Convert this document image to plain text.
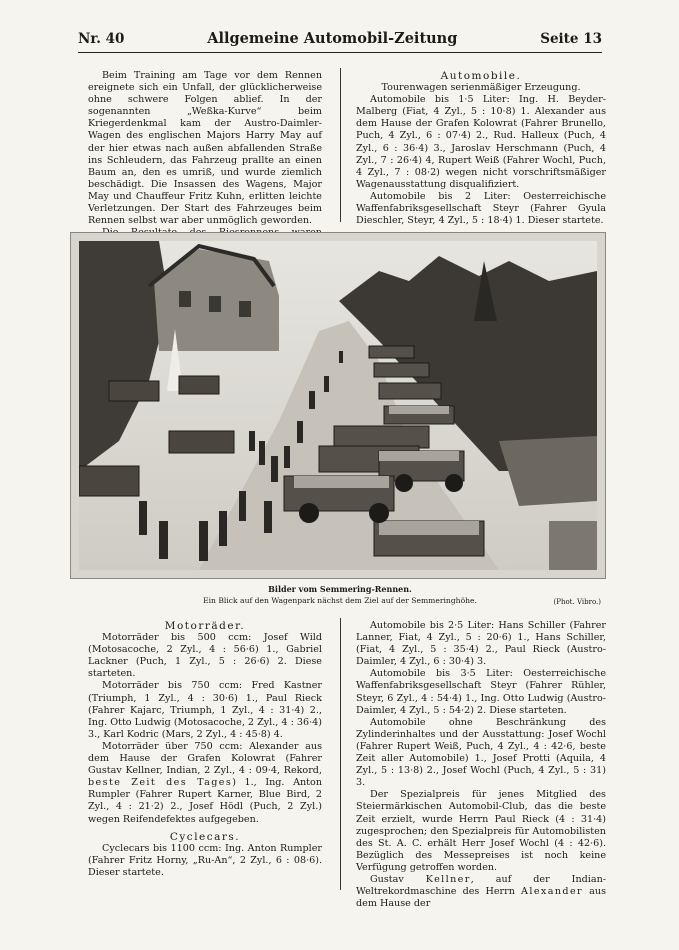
Nr. 40	Allgemeine Automobil-Zeitung	Seite 13

Beim Training am Tage vor dem Rennen ereignete sich ein Unfall, der glücklicherweise ohne schwere Folgen ablief. In der sogenannten „Weßka-Kurve“ beim Kriegerdenkmal kam der Austro-Daimler-Wagen des englischen Majors Harry May auf der hier etwas nach außen abfallenden Straße ins Schleudern, das Fahrzeug prallte an einen Baum an, den es umriß, und wurde ziemlich beschädigt. Die Insassen des Wagens, Major May und Chauffeur Fritz Kuhn, erlitten leichte Verletzungen. Der Start des Fahrzeuges beim Rennen selbst war aber unmöglich geworden.

Automobile.

Tourenwagen serienmäßiger Erzeugung.

Automobile bis 1·5 Liter: Ing. H. Beyder-Malberg (Fiat, 4 Zyl., 5 : 10·8) 1. Alexander aus dem Hause der Grafen Kolowrat (Fahrer Brunello, Puch, 4 Zyl., 6 : 07·4) 2., Rud. Halleux (Puch, 4 Zyl., 6 : 36·4) 3., Jaroslav Herschmann (Puch, 4 Zyl., 7 : 26·4) 4, Rupert Weiß (Fahrer Wochl, Puch, 4 Zyl., 7 : 08·2) wegen nicht vorschriftsmäßiger Wagenausstattung disqualifiziert.

Automobile bis 2 Liter: Oesterreichische Waffenfabriksgesellschaft Steyr (Fahrer Gyula Dieschler, Steyr, 4 Zyl., 5 : 18·4) 1. Dieser startete.

Bilder vom Semmering-Rennen.
Ein Blick auf den Wagenpark nächst dem Ziel auf der Semmeringhöhe.	(Phot. Vibro.)

Motorräder.

Motorräder bis 500 ccm: Josef Wild (Motosacoche, 2 Zyl., 4 : 56·6) 1., Gabriel Lackner (Puch, 1 Zyl., 5 : 26·6) 2. Diese starteten.

Motorräder bis 750 ccm: Fred Kastner (Triumph, 1 Zyl., 4 : 30·6) 1., Paul Rieck (Fahrer Kajarc, Triumph, 1 Zyl., 4 : 31·4) 2., Ing. Otto Ludwig (Motosacoche, 2 Zyl., 4 : 36·4) 3., Karl Kodric (Mars, 2 Zyl., 4 : 45·8) 4.

Motorräder über 750 ccm: Alexander aus dem Hause der Grafen Kolowrat (Fahrer Gustav Kellner, Indian, 2 Zyl., 4 : 09·4, Rekord, beste Zeit des Tages) 1., Ing. Anton Rumpler (Fahrer Rupert Karner, Blue Bird, 2 Zyl., 4 : 21·2) 2., Josef Hödl (Puch, 2 Zyl.) wegen Reifendefektes aufgegeben.

Cyclecars.

Cyclecars bis 1100 ccm: Ing. Anton Rumpler (Fahrer Fritz Horny, „Ru-An“, 2 Zyl., 6 : 08·6). Dieser startete.

Automobile bis 2·5 Liter: Hans Schiller (Fahrer Lanner, Fiat, 4 Zyl., 5 : 20·6) 1., Hans Schiller, (Fiat, 4 Zyl., 5 : 35·4) 2., Paul Rieck (Austro-Daimler, 4 Zyl., 6 : 30·4) 3.

Automobile bis 3·5 Liter: Oesterreichische Waffenfabriksgesellschaft Steyr (Fahrer Rühler, Steyr, 6 Zyl., 4 : 54·4) 1., Ing. Otto Ludwig (Austro-Daimler, 4 Zyl., 5 : 54·2) 2. Diese starteten.

Automobile ohne Beschränkung des Zylinderinhaltes und der Ausstattung: Josef Wochl (Fahrer Rupert Weiß, Puch, 4 Zyl., 4 : 42·6, beste Zeit aller Automobile) 1., Josef Protti (Aquila, 4 Zyl., 5 : 13·8) 2., Josef Wochl (Puch, 4 Zyl., 5 : 31) 3.

Der Spezialpreis für jenes Mitglied des Steiermärkischen Automobil-Club, das die beste Zeit erzielt, wurde Herrn Paul Rieck (4 : 31·4) zugesprochen; den Spezialpreis für Automobilisten des St. A. C. erhält Herr Josef Wochl (4 : 42·6). Bezüglich des Messepreises ist noch keine Verfügung getroffen worden.

Gustav Kellner, auf der Indian-Weltrekordmaschine des Herrn Alexander aus dem Hause der
